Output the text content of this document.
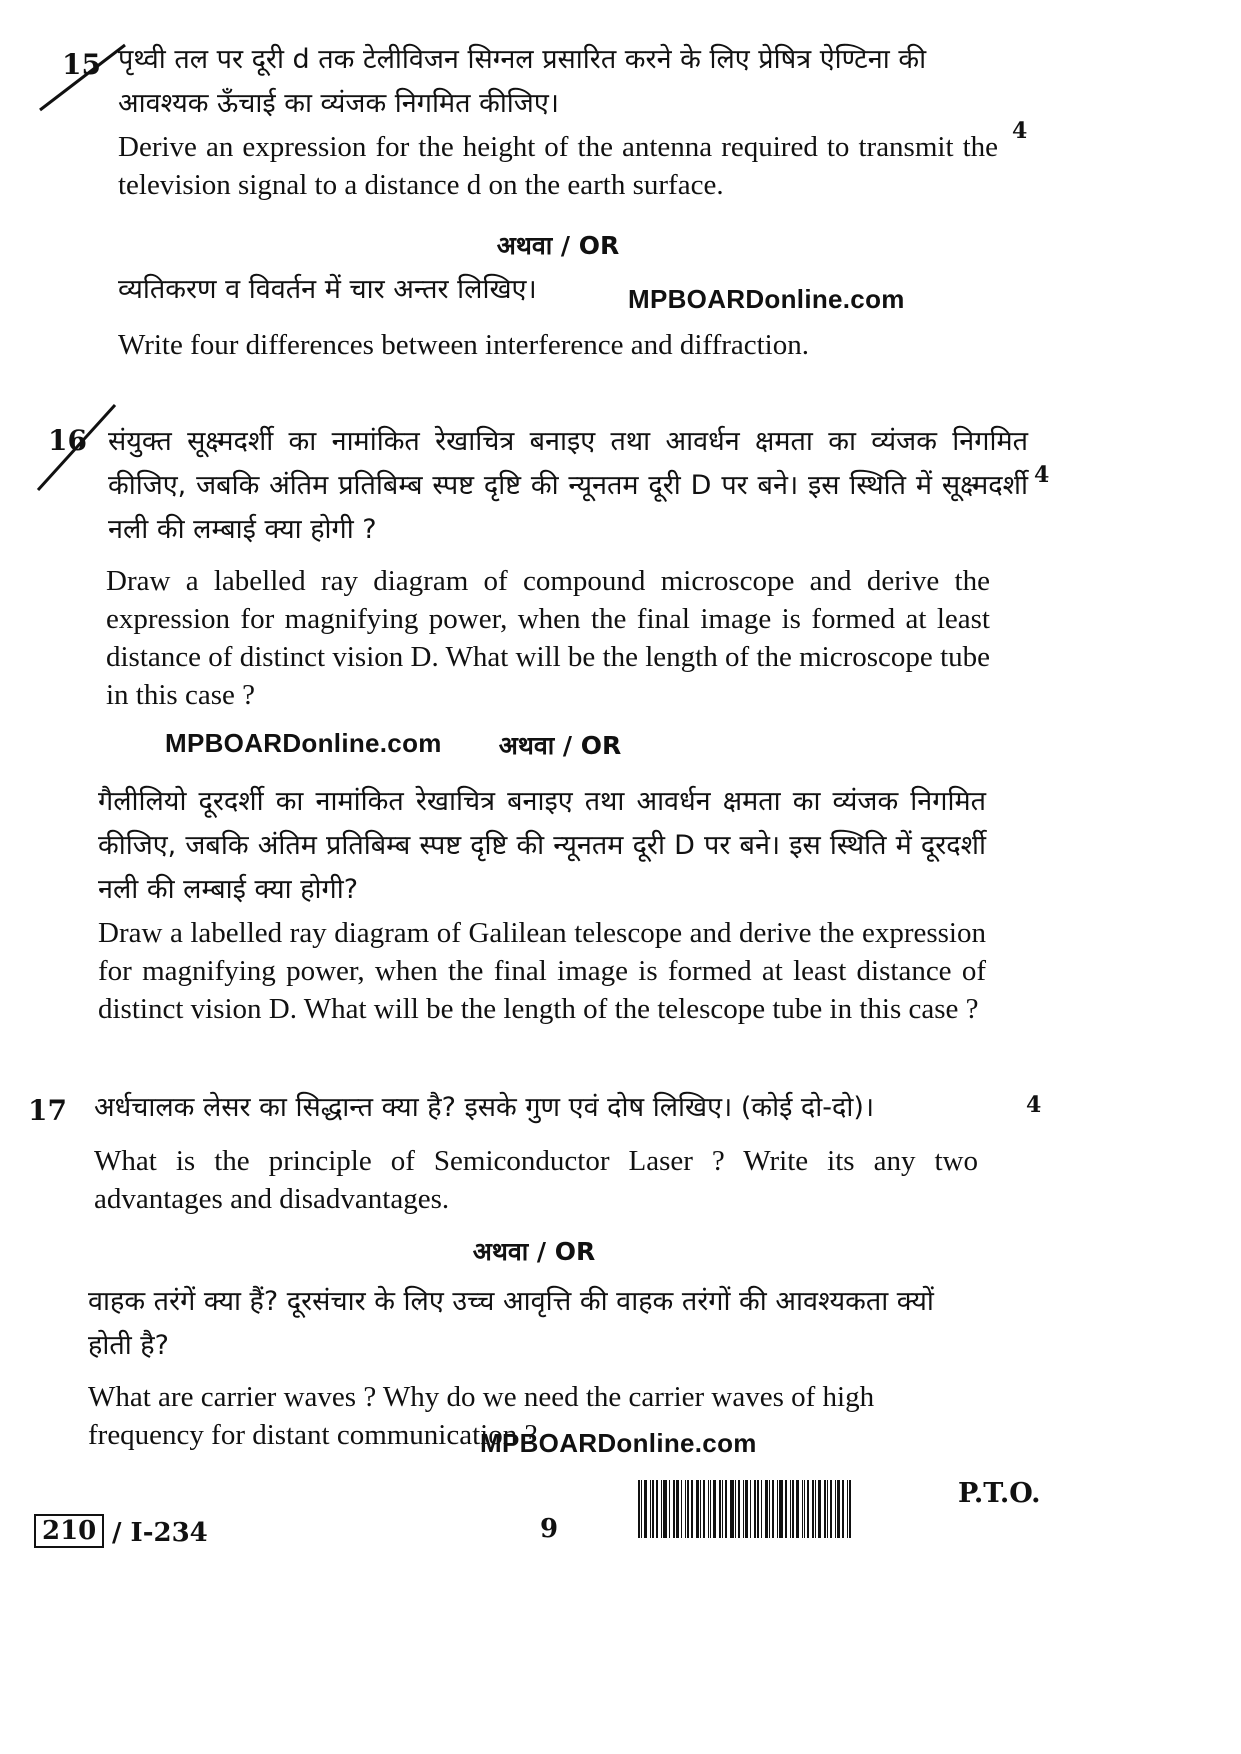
15 पृथ्वी तल पर दूरी d तक टेलीविजन सिग्नल प्रसारित करने के लिए प्रेषित्र ऐण्टिना की आवश्यक ऊँचाई का व्यंजक निगमित कीजिए।
4
Derive an expression for the height of the antenna required to transmit the television signal to a distance d on the earth surface.
अथवा / OR
व्यतिकरण व विवर्तन में चार अन्तर लिखिए।	MPBOARDonline.com
Write four differences between interference and diffraction.
16 संयुक्त सूक्ष्मदर्शी का नामांकित रेखाचित्र बनाइए तथा आवर्धन क्षमता का व्यंजक निगमित कीजिए, जबकि अंतिम प्रतिबिम्ब स्पष्ट दृष्टि की न्यूनतम दूरी D पर बने। इस स्थिति में सूक्ष्मदर्शी नली की लम्बाई क्या होगी ?
4
Draw a labelled ray diagram of compound microscope and derive the expression for magnifying power, when the final image is formed at least distance of distinct vision D. What will be the length of the microscope tube in this case ?
MPBOARDonline.com	अथवा / OR
गैलीलियो दूरदर्शी का नामांकित रेखाचित्र बनाइए तथा आवर्धन क्षमता का व्यंजक निगमित कीजिए, जबकि अंतिम प्रतिबिम्ब स्पष्ट दृष्टि की न्यूनतम दूरी D पर बने। इस स्थिति में दूरदर्शी नली की लम्बाई क्या होगी?
Draw a labelled ray diagram of Galilean telescope and derive the expression for magnifying power, when the final image is formed at least distance of distinct vision D. What will be the length of the telescope tube in this case ?
17 अर्धचालक लेसर का सिद्धान्त क्या है? इसके गुण एवं दोष लिखिए। (कोई दो-दो)।	4
What is the principle of Semiconductor Laser ? Write its any two advantages and disadvantages.
अथवा / OR
वाहक तरंगें क्या हैं? दूरसंचार के लिए उच्च आवृत्ति की वाहक तरंगों की आवश्यकता क्यों होती है?
What are carrier waves ? Why do we need the carrier waves of high frequency for distant communication ?
MPBOARDonline.com
210 / I-234	9
P.T.O.
